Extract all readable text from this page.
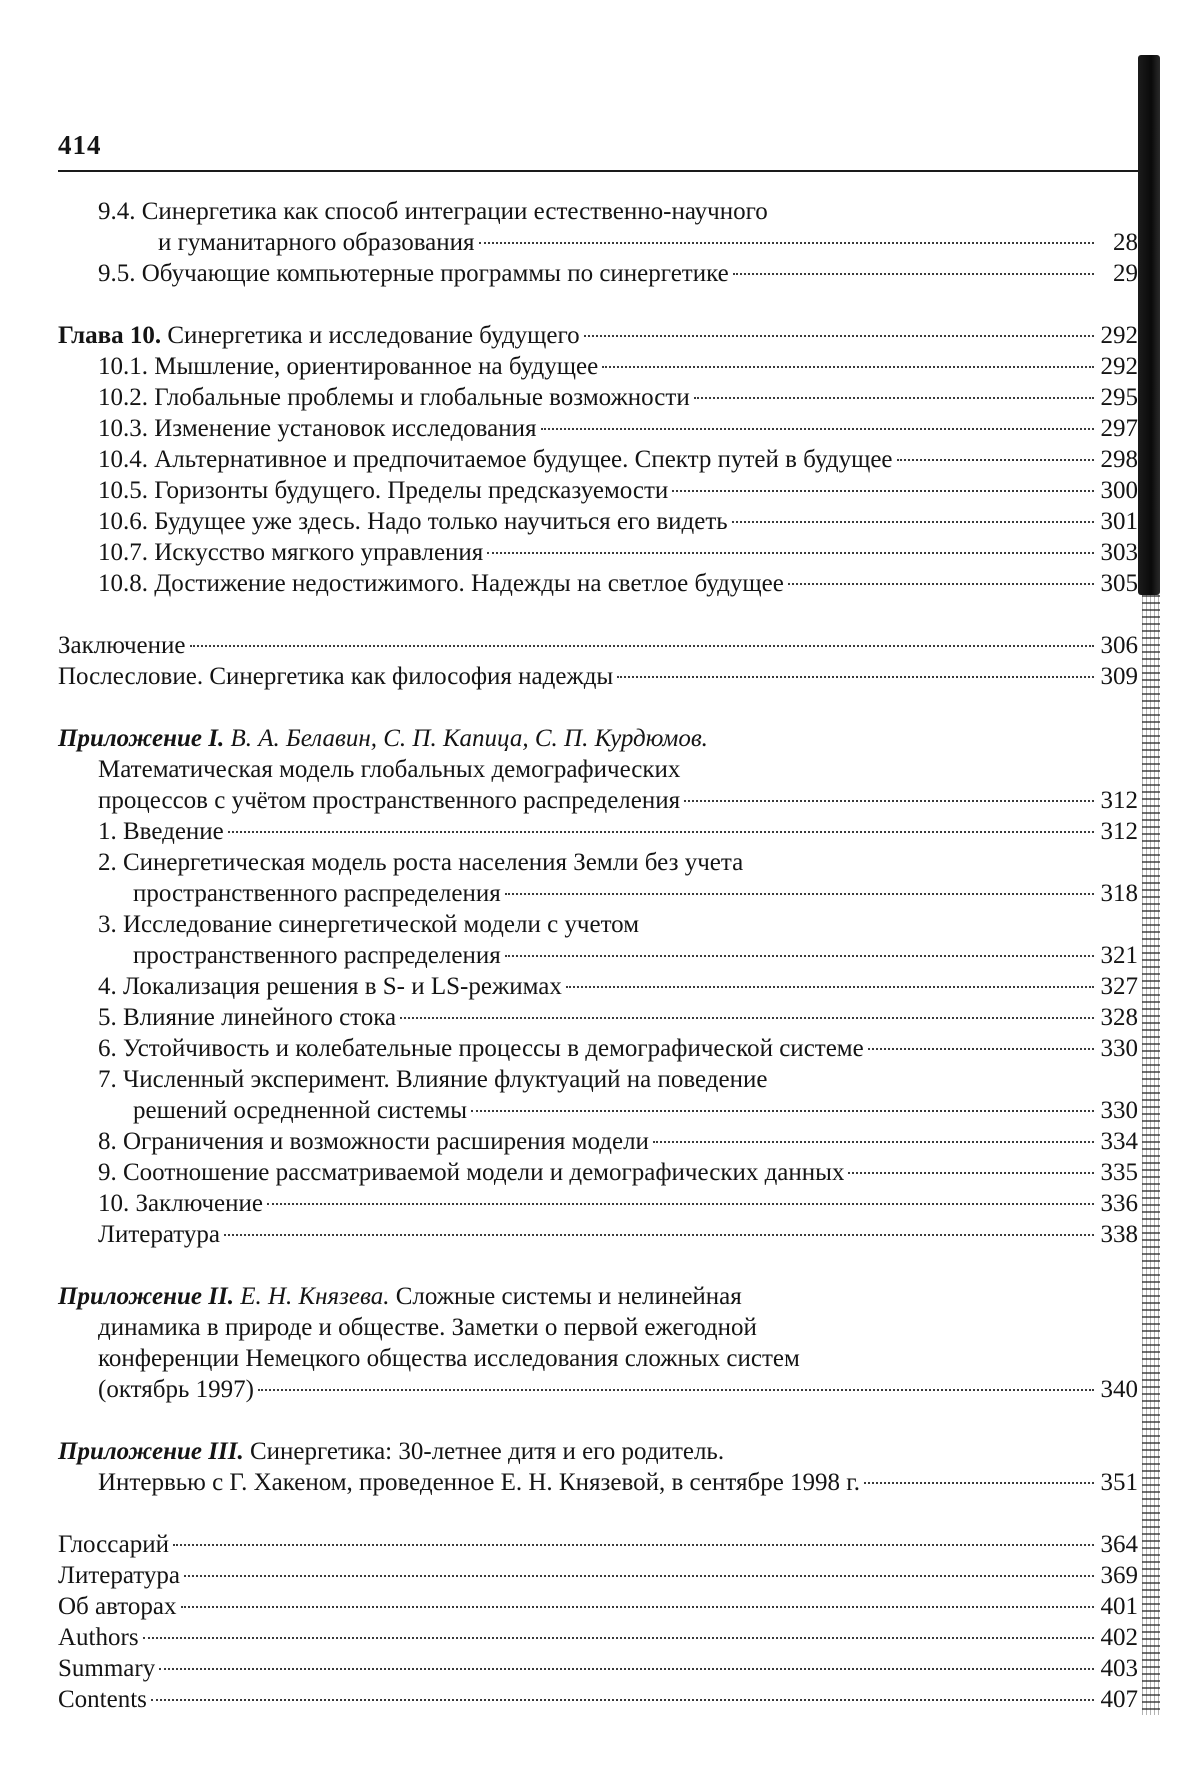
414
9.4. Синергетика как способ интеграции естественно-научного
и гуманитарного образования	28
9.5. Обучающие компьютерные программы по синергетике	29
Глава 10. Синергетика и исследование будущего	292
10.1. Мышление, ориентированное на будущее	292
10.2. Глобальные проблемы и глобальные возможности	295
10.3. Изменение установок исследования	297
10.4. Альтернативное и предпочитаемое будущее. Спектр путей в будущее	298
10.5. Горизонты будущего. Пределы предсказуемости	300
10.6. Будущее уже здесь. Надо только научиться его видеть	301
10.7. Искусство мягкого управления	303
10.8. Достижение недостижимого. Надежды на светлое будущее	305
Заключение	306
Послесловие. Синергетика как философия надежды	309
Приложение I. В. А. Белавин, С. П. Капица, С. П. Курдюмов.
Математическая модель глобальных демографических
процессов с учётом пространственного распределения	312
1. Введение	312
2. Синергетическая модель роста населения Земли без учета
пространственного распределения	318
3. Исследование синергетической модели с учетом
пространственного распределения	321
4. Локализация решения в S- и LS-режимах	327
5. Влияние линейного стока	328
6. Устойчивость и колебательные процессы в демографической системе	330
7. Численный эксперимент. Влияние флуктуаций на поведение
решений осредненной системы	330
8. Ограничения и возможности расширения модели	334
9. Соотношение рассматриваемой модели и демографических данных	335
10. Заключение	336
Литература	338
Приложение II. Е. Н. Князева. Сложные системы и нелинейная
динамика в природе и обществе. Заметки о первой ежегодной
конференции Немецкого общества исследования сложных систем
(октябрь 1997)	340
Приложение III. Синергетика: 30-летнее дитя и его родитель.
Интервью с Г. Хакеном, проведенное Е. Н. Князевой, в сентябре 1998 г.	351
Глоссарий	364
Литература	369
Об авторах	401
Authors	402
Summary	403
Contents	407
